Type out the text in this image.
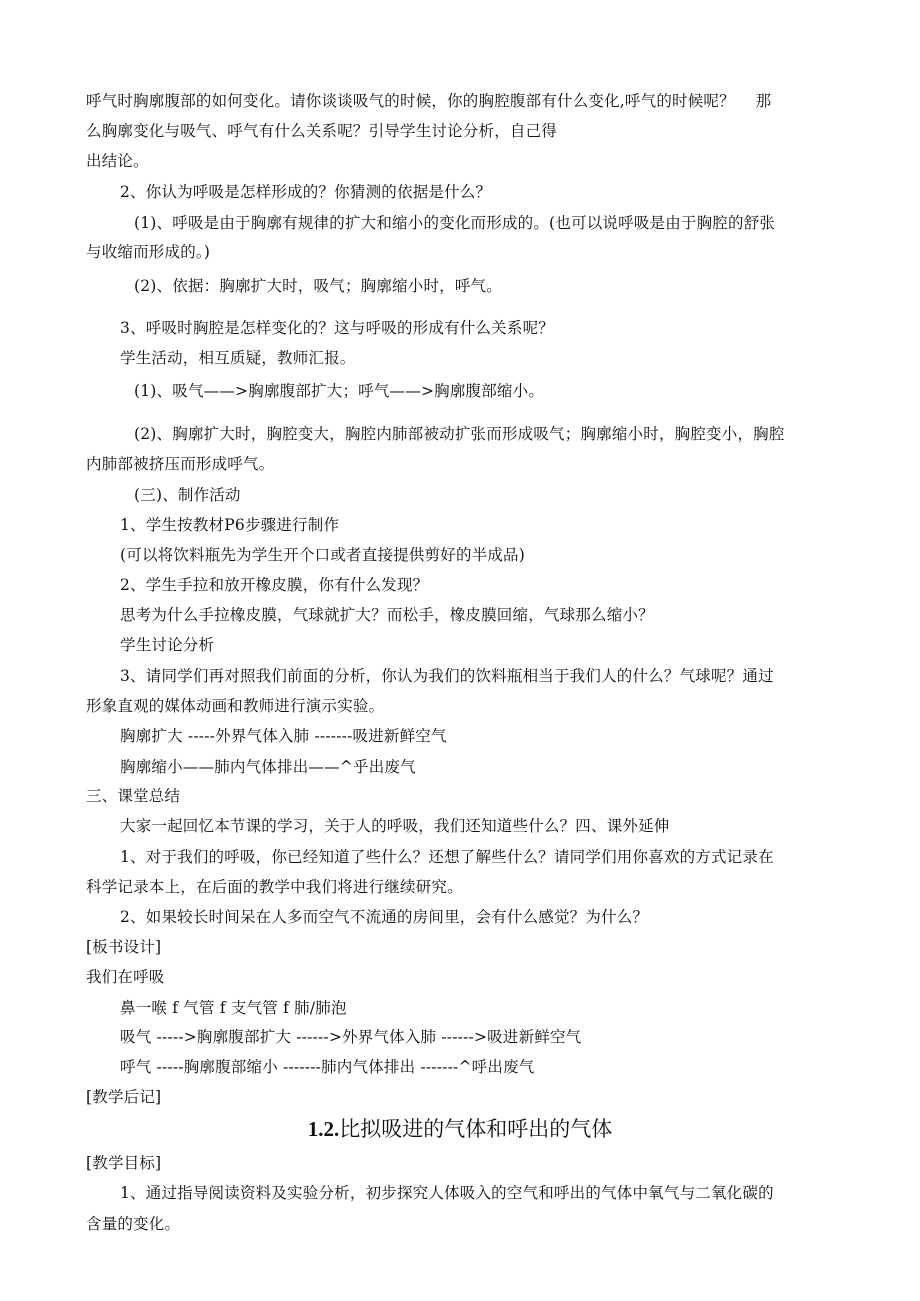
呼气时胸廓腹部的如何变化。请你谈谈吸气的时候，你的胸腔腹部有什么变化,呼气的时候呢？　 那
么胸廓变化与吸气、呼气有什么关系呢？引导学生讨论分析，自己得
出结论。
2、你认为呼吸是怎样形成的？你猜测的依据是什么？
(1)、呼吸是由于胸廓有规律的扩大和缩小的变化而形成的。(也可以说呼吸是由于胸腔的舒张
与收缩而形成的。)
(2)、依据：胸廓扩大时，吸气；胸廓缩小时，呼气。
3、呼吸时胸腔是怎样变化的？这与呼吸的形成有什么关系呢？
学生活动，相互质疑，教师汇报。
(1)、吸气——>胸廓腹部扩大；呼气——>胸廓腹部缩小。
(2)、胸廓扩大时，胸腔变大，胸腔内肺部被动扩张而形成吸气；胸廓缩小时，胸腔变小，胸腔
内肺部被挤压而形成呼气。
(三)、制作活动
1、学生按教材P6步骤进行制作
(可以将饮料瓶先为学生开个口或者直接提供剪好的半成品)
2、学生手拉和放开橡皮膜，你有什么发现？
思考为什么手拉橡皮膜，气球就扩大？而松手，橡皮膜回缩，气球那么缩小？
学生讨论分析
3、请同学们再对照我们前面的分析，你认为我们的饮料瓶相当于我们人的什么？气球呢？通过
形象直观的媒体动画和教师进行演示实验。
胸廓扩大 -----外界气体入肺 -------吸进新鲜空气
胸廓缩小——肺内气体排出——^乎出废气
三、课堂总结
大家一起回忆本节课的学习，关于人的呼吸，我们还知道些什么？四、课外延伸
1、对于我们的呼吸，你已经知道了些什么？还想了解些什么？请同学们用你喜欢的方式记录在
科学记录本上，在后面的教学中我们将进行继续研究。
2、如果较长时间呆在人多而空气不流通的房间里，会有什么感觉？为什么？
[板书设计]
我们在呼吸
鼻一喉 f 气管 f 支气管 f 肺/肺泡
吸气 ----->胸廓腹部扩大 ------>外界气体入肺 ------>吸进新鲜空气
呼气 -----胸廓腹部缩小 -------肺内气体排出 -------^呼出废气
[教学后记]
1.2.比拟吸进的气体和呼出的气体
[教学目标]
1、通过指导阅读资料及实验分析，初步探究人体吸入的空气和呼出的气体中氧气与二氧化碳的
含量的变化。
